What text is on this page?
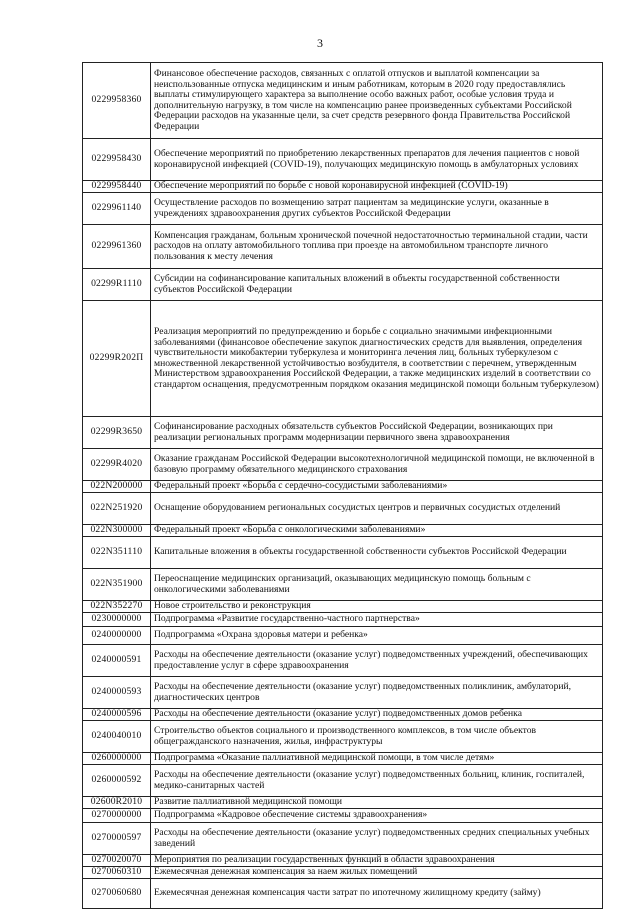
3
0229958360	Финансовое обеспечение расходов, связанных с оплатой отпусков и выплатой компенсации за неиспользованные отпуска медицинским и иным работникам, которым в 2020 году предоставлялись выплаты стимулирующего характера за выполнение особо важных работ, особые условия труда и дополнительную нагрузку, в том числе на компенсацию ранее произведенных субъектами Российской Федерации расходов на указанные цели, за счет средств резервного фонда Правительства Российской Федерации
0229958430	Обеспечение мероприятий по приобретению лекарственных препаратов для лечения пациентов с новой коронавирусной инфекцией (COVID-19), получающих медицинскую помощь в амбулаторных условиях
0229958440	Обеспечение мероприятий по борьбе с новой коронавирусной инфекцией (COVID-19)
0229961140	Осуществление расходов по возмещению затрат пациентам за медицинские услуги, оказанные в учреждениях здравоохранения других субъектов Российской Федерации
0229961360	Компенсация гражданам, больным хронической почечной недостаточностью терминальной стадии, части расходов на оплату автомобильного топлива при проезде на автомобильном транспорте личного пользования к месту лечения
02299R1110	Субсидии на софинансирование капитальных вложений в объекты государственной собственности субъектов Российской Федерации
02299R202П	Реализация мероприятий по предупреждению и борьбе с социально значимыми инфекционными заболеваниями (финансовое обеспечение закупок диагностических средств для выявления, определения чувствительности микобактерии туберкулеза и мониторинга лечения лиц, больных туберкулезом с множественной лекарственной устойчивостью возбудителя, в соответствии с перечнем, утвержденным Министерством здравоохранения Российской Федерации, а также медицинских изделий в соответствии со стандартом оснащения, предусмотренным порядком оказания медицинской помощи больным туберкулезом)
02299R3650	Софинансирование расходных обязательств субъектов Российской Федерации, возникающих при реализации региональных программ модернизации первичного звена здравоохранения
02299R4020	Оказание гражданам Российской Федерации высокотехнологичной медицинской помощи, не включенной в базовую программу обязательного медицинского страхования
022N200000	Федеральный проект «Борьба с сердечно-сосудистыми заболеваниями»
022N251920	Оснащение оборудованием региональных сосудистых центров и первичных сосудистых отделений
022N300000	Федеральный проект «Борьба с онкологическими заболеваниями»
022N351110	Капитальные вложения в объекты государственной собственности субъектов Российской Федерации
022N351900	Переоснащение медицинских организаций, оказывающих медицинскую помощь больным с онкологическими заболеваниями
022N352270	Новое строительство и реконструкция
0230000000	Подпрограмма «Развитие государственно-частного партнерства»
0240000000	Подпрограмма «Охрана здоровья матери и ребенка»
0240000591	Расходы на обеспечение деятельности (оказание услуг) подведомственных учреждений, обеспечивающих предоставление услуг в сфере здравоохранения
0240000593	Расходы на обеспечение деятельности (оказание услуг) подведомственных поликлиник, амбулаторий, диагностических центров
0240000596	Расходы на обеспечение деятельности (оказание услуг) подведомственных домов ребенка
0240040010	Строительство объектов социального и производственного комплексов, в том числе объектов общегражданского назначения, жилья, инфраструктуры
0260000000	Подпрограмма «Оказание паллиативной медицинской помощи, в том числе детям»
0260000592	Расходы на обеспечение деятельности (оказание услуг) подведомственных больниц, клиник, госпиталей, медико-санитарных частей
02600R2010	Развитие паллиативной медицинской помощи
0270000000	Подпрограмма «Кадровое обеспечение системы здравоохранения»
0270000597	Расходы на обеспечение деятельности (оказание услуг) подведомственных средних специальных учебных заведений
0270020070	Мероприятия по реализации государственных функций в области здравоохранения
0270060310	Ежемесячная денежная компенсация за наем жилых помещений
0270060680	Ежемесячная денежная компенсация части затрат по ипотечному жилищному кредиту (займу)
